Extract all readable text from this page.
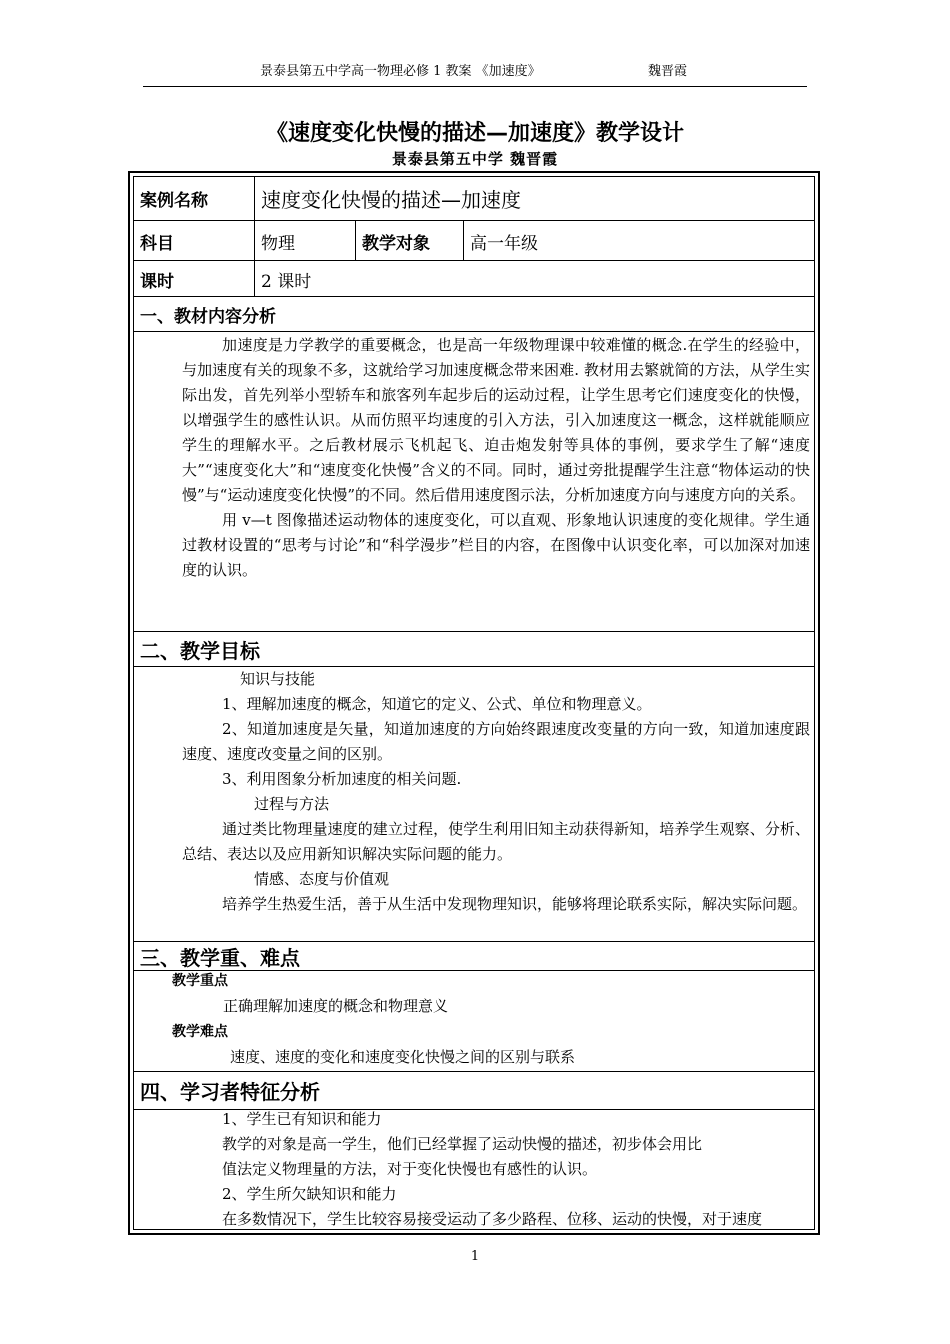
景泰县第五中学高一物理必修 1 教案 《加速度》	魏晋霞
《速度变化快慢的描述—加速度》教学设计
景泰县第五中学 魏晋霞
案例名称	速度变化快慢的描述—加速度
科目	物理	教学对象 高一年级
课时	2 课时
一、教材内容分析
二、教学目标
三、教学重、难点
四、学习者特征分析

加速度是力学教学的重要概念，也是高一年级物理课中较难懂的概念.在学生的经验中，与加速度有关的现象不多，这就给学习加速度概念带来困难. 教材用去繁就简的方法，从学生实际出发，首先列举小型轿车和旅客列车起步后的运动过程，让学生思考它们速度变化的快慢，以增强学生的感性认识。从而仿照平均速度的引入方法，引入加速度这一概念，这样就能顺应学生的理解水平。之后教材展示飞机起飞、迫击炮发射等具体的事例，要求学生了解“速度大”“速度变化大”和“速度变化快慢”含义的不同。同时，通过旁批提醒学生注意“物体运动的快慢”与“运动速度变化快慢”的不同。然后借用速度图示法，分析加速度方向与速度方向的关系。

用 v—t 图像描述运动物体的速度变化，可以直观、形象地认识速度的变化规律。学生通过教材设置的“思考与讨论”和“科学漫步”栏目的内容，在图像中认识变化率，可以加深对加速度的认识。

知识与技能

1、理解加速度的概念，知道它的定义、公式、单位和物理意义。

2、知道加速度是矢量，知道加速度的方向始终跟速度改变量的方向一致，知道加速度跟速度、速度改变量之间的区别。

3、利用图象分析加速度的相关问题.

过程与方法

通过类比物理量速度的建立过程，使学生利用旧知主动获得新知，培养学生观察、分析、总结、表达以及应用新知识解决实际问题的能力。

情感、态度与价值观

培养学生热爱生活，善于从生活中发现物理知识，能够将理论联系实际，解决实际问题。

教学重点

正确理解加速度的概念和物理意义

教学难点

速度、速度的变化和速度变化快慢之间的区别与联系

1、学生已有知识和能力

教学的对象是高一学生，他们已经掌握了运动快慢的描述，初步体会用比

值法定义物理量的方法，对于变化快慢也有感性的认识。

2、学生所欠缺知识和能力

在多数情况下，学生比较容易接受运动了多少路程、位移、运动的快慢，对于速度

1
